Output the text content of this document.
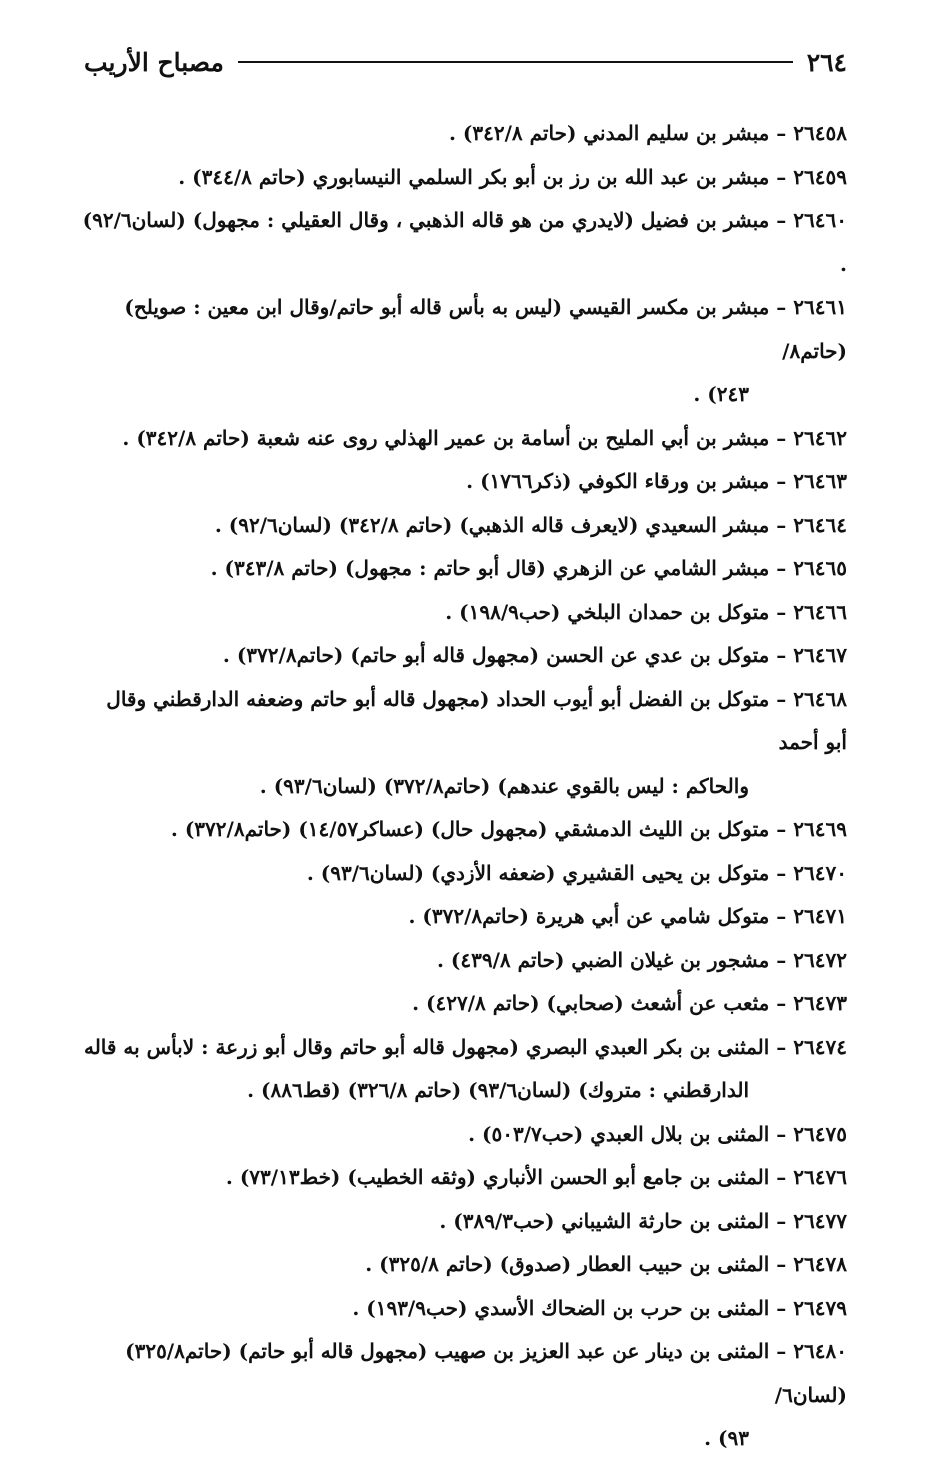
٢٦٤
مصباح الأريب

٢٦٤٥٨ – مبشر بن سليم المدني (حاتم ٣٤٢/٨) .

٢٦٤٥٩ – مبشر بن عبد الله بن رز بن أبو بكر السلمي النيسابوري (حاتم ٣٤٤/٨) .

٢٦٤٦٠ – مبشر بن فضيل (لايدري من هو قاله الذهبي ، وقال العقيلي : مجهول) (لسان٩٢/٦) .

٢٦٤٦١ – مبشر بن مكسر القيسي (ليس به بأس قاله أبو حاتم/وقال ابن معين : صويلح) (حاتم٨/
٢٤٣) .

٢٦٤٦٢ – مبشر بن أبي المليح بن أسامة بن عمير الهذلي روى عنه شعبة (حاتم ٣٤٢/٨) .

٢٦٤٦٣ – مبشر بن ورقاء الكوفي (ذكر١٧٦٦) .

٢٦٤٦٤ – مبشر السعيدي (لايعرف قاله الذهبي) (حاتم ٣٤٢/٨) (لسان٩٢/٦) .

٢٦٤٦٥ – مبشر الشامي عن الزهري (قال أبو حاتم : مجهول) (حاتم ٣٤٣/٨) .

٢٦٤٦٦ – متوكل بن حمدان البلخي (حب١٩٨/٩) .

٢٦٤٦٧ – متوكل بن عدي عن الحسن (مجهول قاله أبو حاتم) (حاتم٣٧٢/٨) .

٢٦٤٦٨ – متوكل بن الفضل أبو أيوب الحداد (مجهول قاله أبو حاتم وضعفه الدارقطني وقال أبو أحمد
والحاكم : ليس بالقوي عندهم) (حاتم٣٧٢/٨) (لسان٩٣/٦) .

٢٦٤٦٩ – متوكل بن الليث الدمشقي (مجهول حال) (عساكر١٤/٥٧) (حاتم٣٧٢/٨) .

٢٦٤٧٠ – متوكل بن يحيى القشيري (ضعفه الأزدي) (لسان٩٣/٦) .

٢٦٤٧١ – متوكل شامي عن أبي هريرة (حاتم٣٧٢/٨) .

٢٦٤٧٢ – مشجور بن غيلان الضبي (حاتم ٤٣٩/٨) .

٢٦٤٧٣ – مثعب عن أشعث (صحابي) (حاتم ٤٢٧/٨) .

٢٦٤٧٤ – المثنى بن بكر العبدي البصري (مجهول قاله أبو حاتم وقال أبو زرعة : لابأس به قاله
الدارقطني : متروك) (لسان٩٣/٦) (حاتم ٣٢٦/٨) (قط٨٨٦) .

٢٦٤٧٥ – المثنى بن بلال العبدي (حب٥٠٣/٧) .

٢٦٤٧٦ – المثنى بن جامع أبو الحسن الأنباري (وثقه الخطيب) (خط٧٣/١٣) .

٢٦٤٧٧ – المثنى بن حارثة الشيباني (حب٣٨٩/٣) .

٢٦٤٧٨ – المثنى بن حبيب العطار (صدوق) (حاتم ٣٢٥/٨) .

٢٦٤٧٩ – المثنى بن حرب بن الضحاك الأسدي (حب١٩٣/٩) .

٢٦٤٨٠ – المثنى بن دينار عن عبد العزيز بن صهيب (مجهول قاله أبو حاتم) (حاتم٣٢٥/٨) (لسان٦/
٩٣) .
